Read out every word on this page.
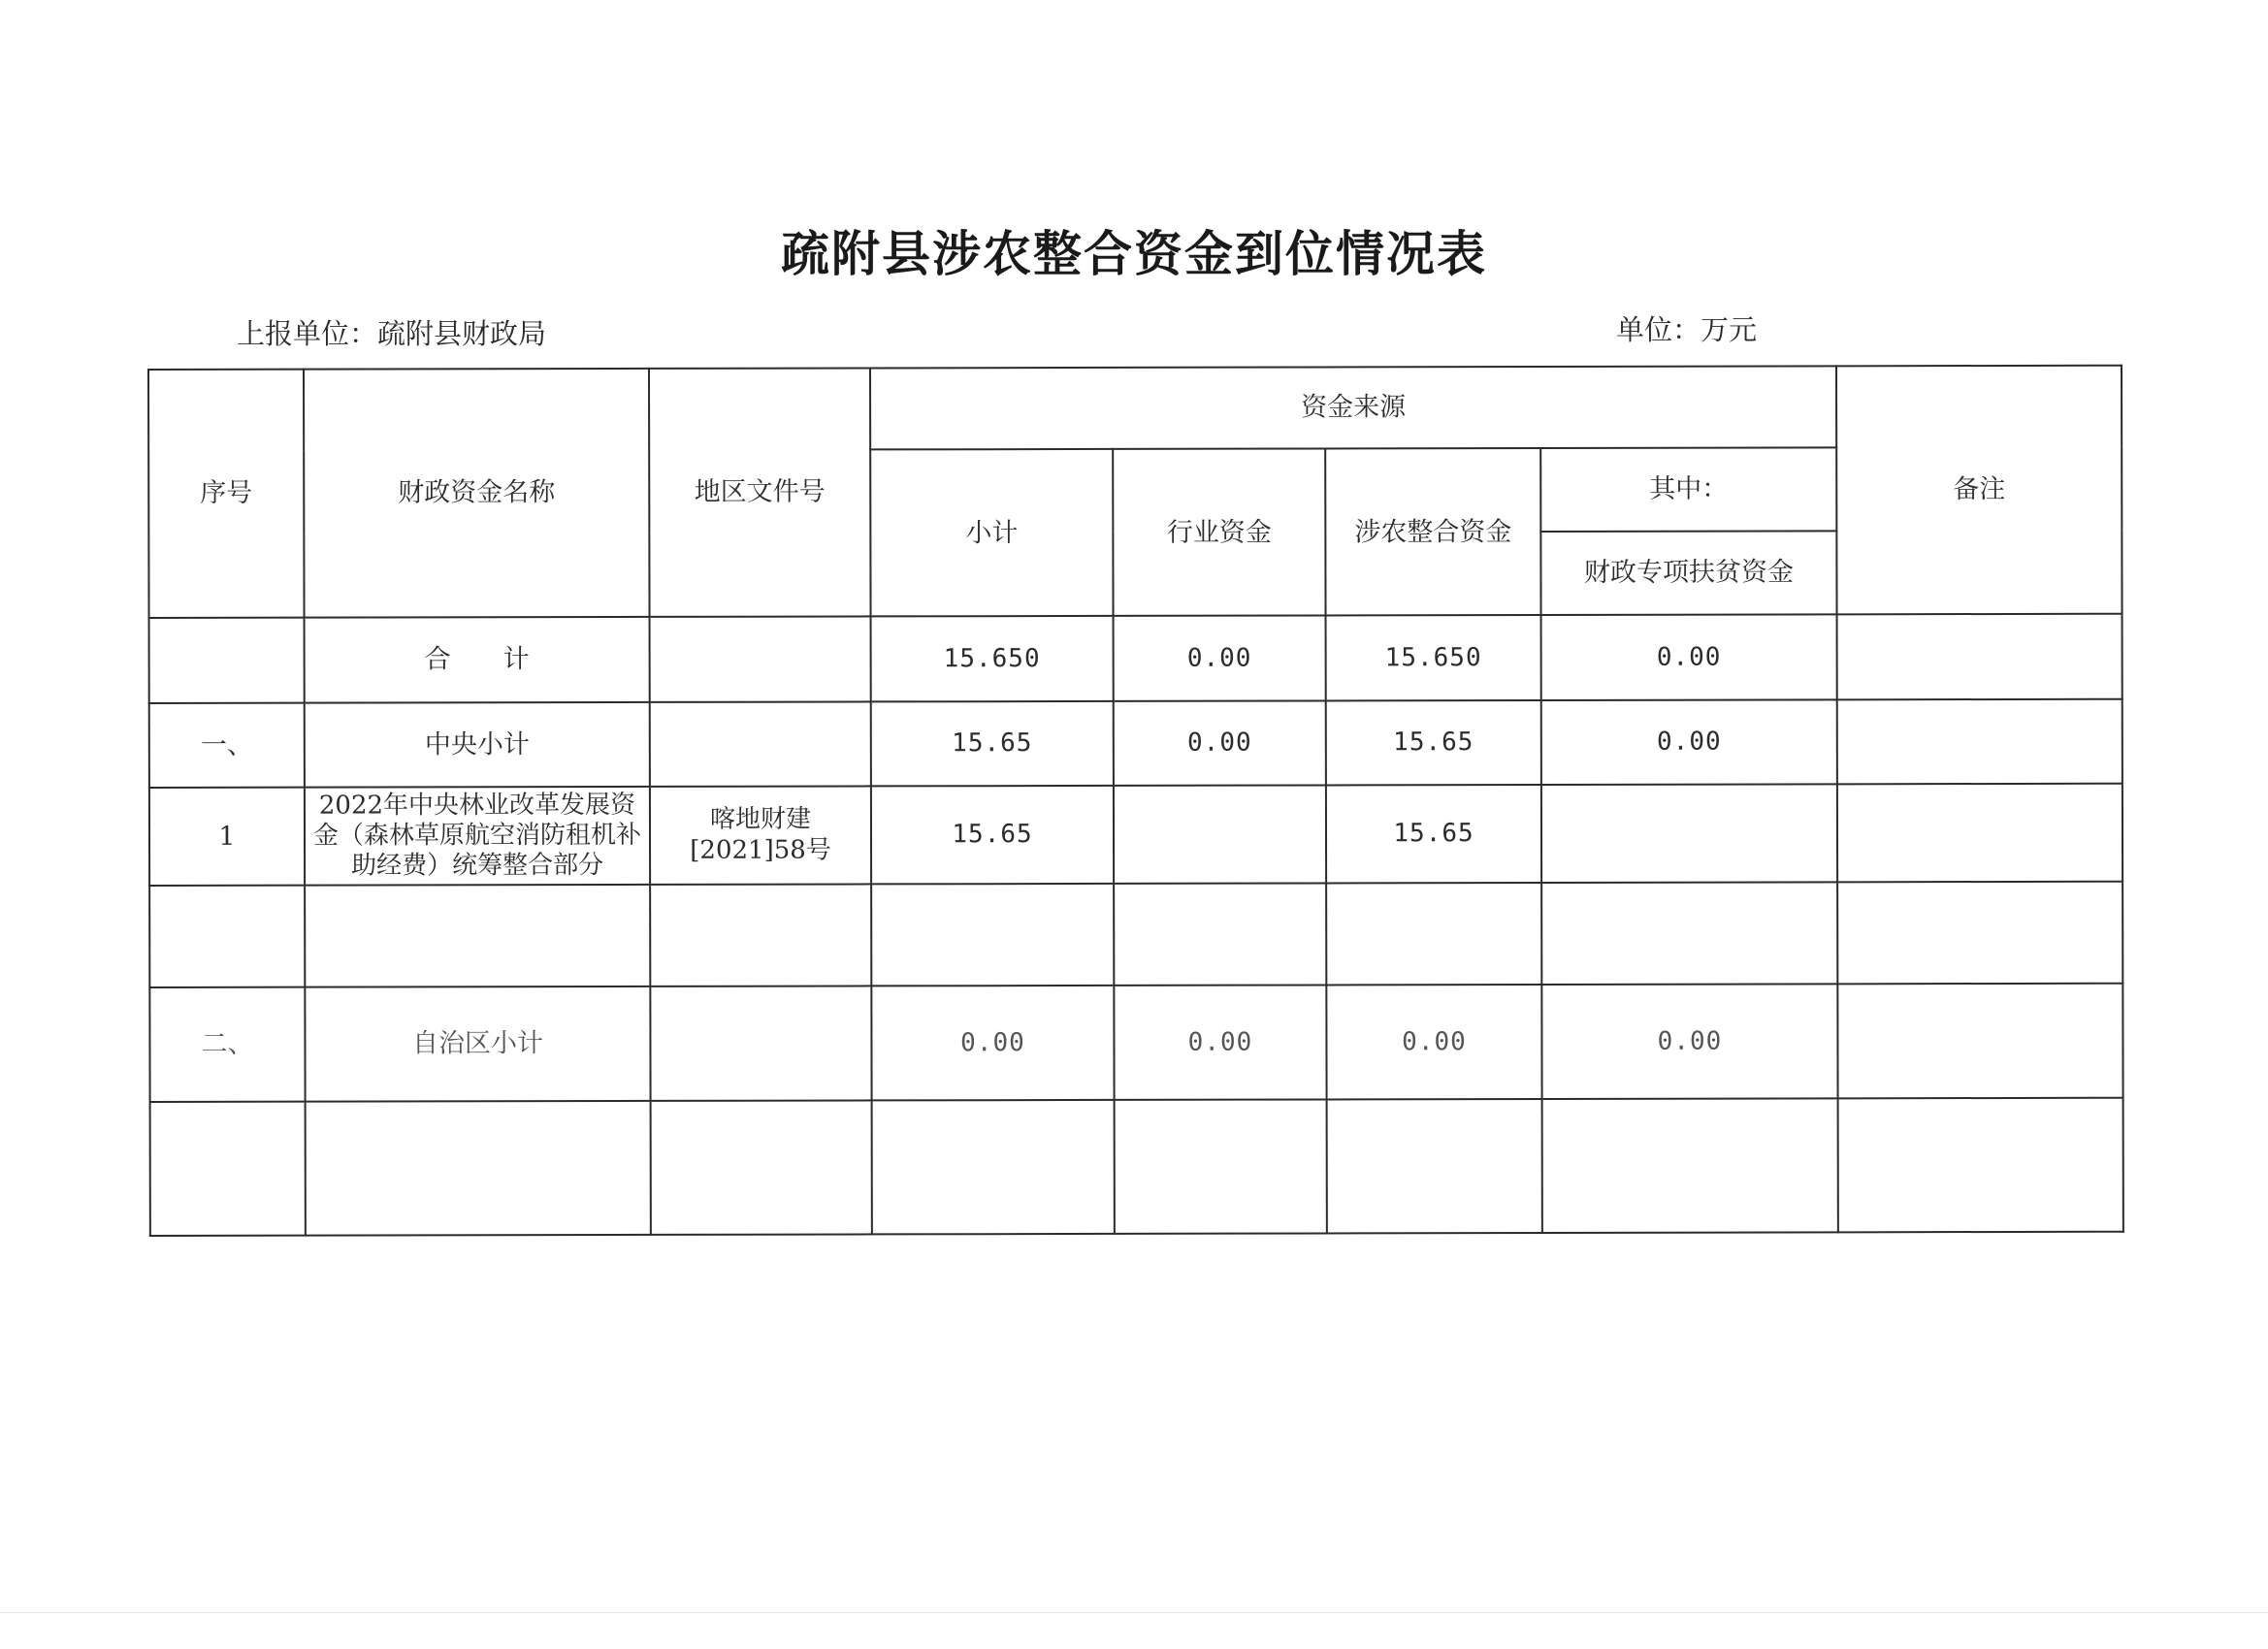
疏附县涉农整合资金到位情况表
上报单位：疏附县财政局	单位：万元
序号	财政资金名称	地区文件号	资金来源				备注
			小计	行业资金	涉农整合资金	其中：	
						财政专项扶贫资金	
	合　　计		15.650	0.00	15.650	0.00	
一、	中央小计		15.65	0.00	15.65	0.00	
1	2022年中央林业改革发展资金（森林草原航空消防租机补助经费）统筹整合部分	喀地财建[2021]58号	15.65		15.65		

二、	自治区小计		0.00	0.00	0.00	0.00	
